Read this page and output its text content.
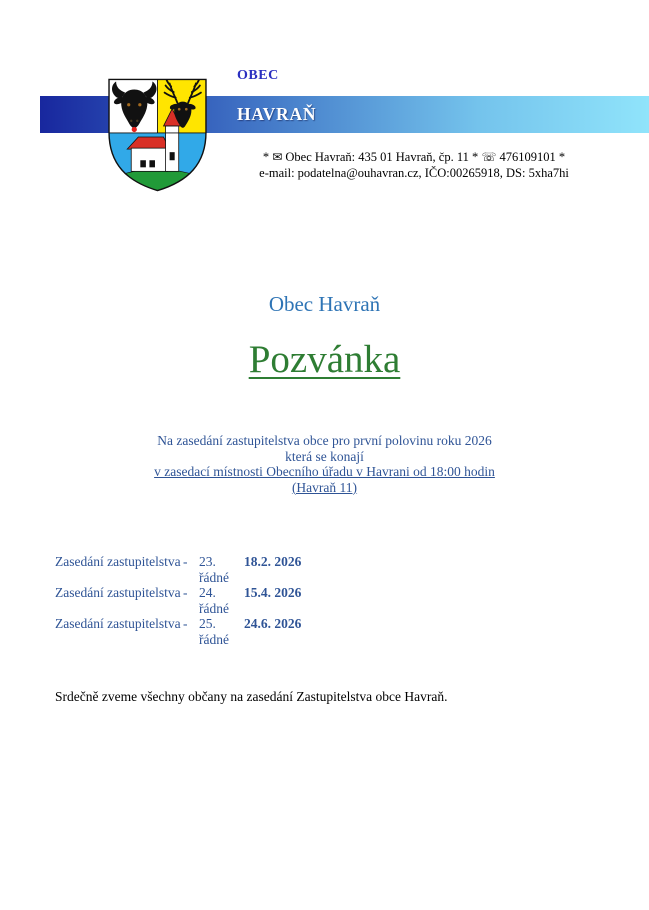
OBEC
HAVRAŇ
* ✉ Obec Havraň: 435 01 Havraň, čp. 11 * ☏ 476109101 *
e-mail: podatelna@ouhavran.cz, IČO:00265918, DS: 5xha7hi
Obec Havraň
Pozvánka
Na zasedání zastupitelstva obce pro první polovinu roku 2026
která se konají
v zasedací místnosti Obecního úřadu v Havrani od 18:00 hodin
(Havraň 11)
Zasedání zastupitelstva - 23. řádné
18.2. 2026
Zasedání zastupitelstva - 24. řádné
15.4. 2026
Zasedání zastupitelstva - 25. řádné
24.6. 2026
Srdečně zveme všechny občany na zasedání Zastupitelstva obce Havraň.
